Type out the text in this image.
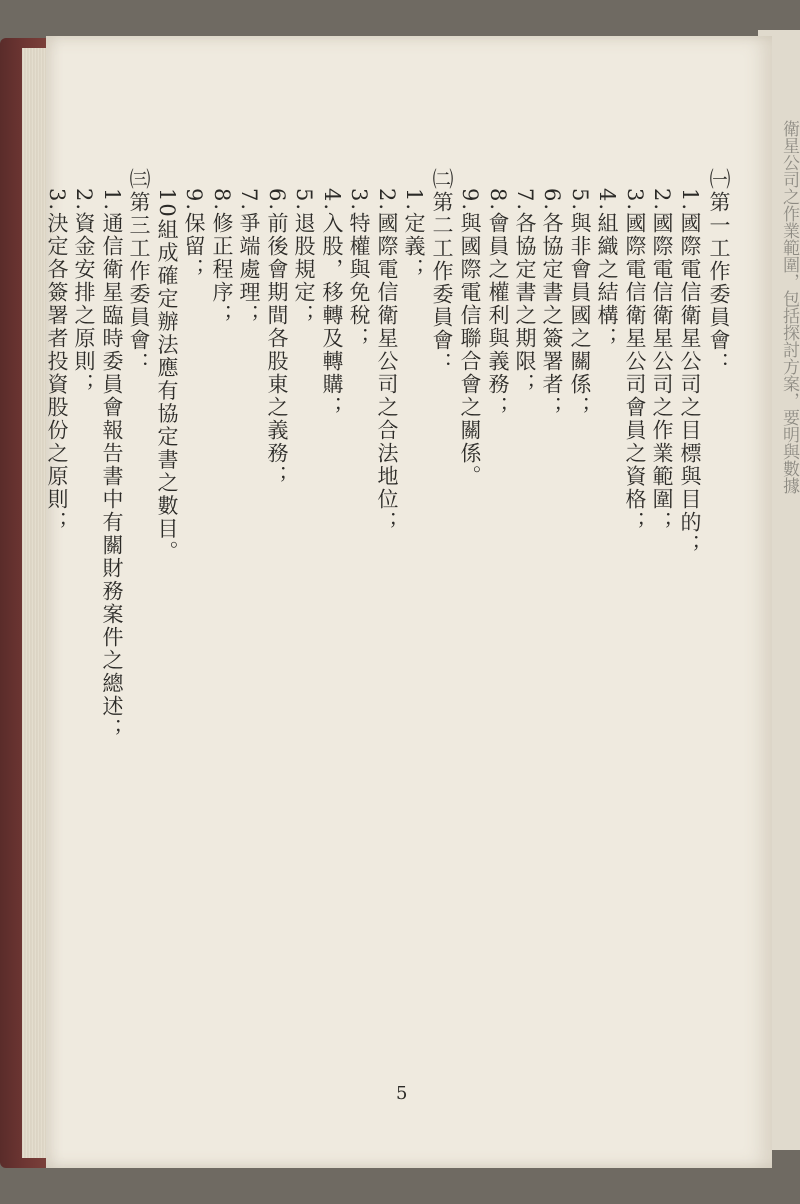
衛星公司之作業範圍，包括探討方案，要明與數據
㈠第一工作委員會：
1.國際電信衛星公司之目標與目的；
2.國際電信衛星公司之作業範圍；
3.國際電信衛星公司會員之資格；
4.組織之結構；
5.與非會員國之關係；
6.各協定書之簽署者；
7.各協定書之期限；
8.會員之權利與義務；
9.與國際電信聯合會之關係。
㈡第二工作委員會：
1.定義；
2.國際電信衛星公司之合法地位；
3.特權與免稅；
4.入股，移轉及轉購；
5.退股規定；
6.前後會期間各股東之義務；
7.爭端處理；
8.修正程序；
9.保留；
10組成確定辦法應有協定書之數目。
㈢第三工作委員會：
1.通信衛星臨時委員會報告書中有關財務案件之總述；
2.資金安排之原則；
3.決定各簽署者投資股份之原則；
5
